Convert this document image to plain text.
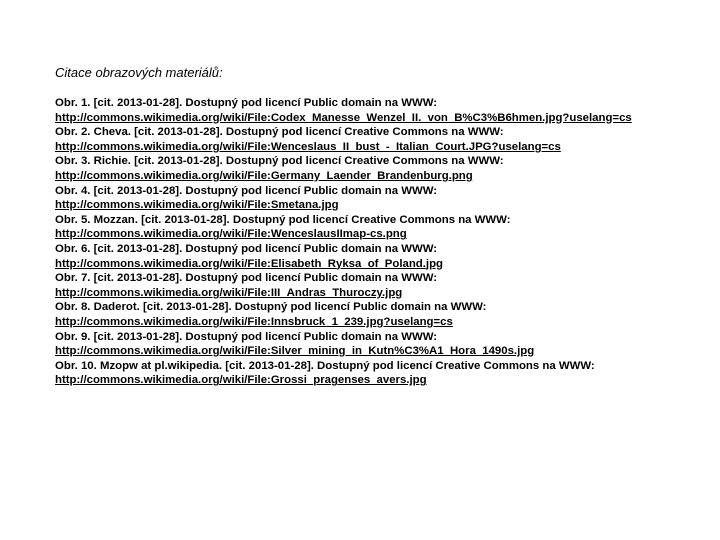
Citace obrazových materiálů:
Obr. 1. [cit. 2013-01-28]. Dostupný pod licencí Public domain na WWW:
http://commons.wikimedia.org/wiki/File:Codex_Manesse_Wenzel_II._von_B%C3%B6hmen.jpg?uselang=cs
Obr. 2. Cheva. [cit. 2013-01-28]. Dostupný pod licencí Creative Commons na WWW:
http://commons.wikimedia.org/wiki/File:Wenceslaus_II_bust_-_Italian_Court.JPG?uselang=cs
Obr. 3. Richie. [cit. 2013-01-28]. Dostupný pod licencí Creative Commons na WWW:
http://commons.wikimedia.org/wiki/File:Germany_Laender_Brandenburg.png
Obr. 4. [cit. 2013-01-28]. Dostupný pod licencí Public domain na WWW:
http://commons.wikimedia.org/wiki/File:Smetana.jpg
Obr. 5. Mozzan. [cit. 2013-01-28]. Dostupný pod licencí Creative Commons na WWW:
http://commons.wikimedia.org/wiki/File:WenceslausIImap-cs.png
Obr. 6. [cit. 2013-01-28]. Dostupný pod licencí Public domain na WWW:
http://commons.wikimedia.org/wiki/File:Elisabeth_Ryksa_of_Poland.jpg
Obr. 7. [cit. 2013-01-28]. Dostupný pod licencí Public domain na WWW:
http://commons.wikimedia.org/wiki/File:III_Andras_Thuroczy.jpg
Obr. 8. Daderot. [cit. 2013-01-28]. Dostupný pod licencí Public domain na WWW:
http://commons.wikimedia.org/wiki/File:Innsbruck_1_239.jpg?uselang=cs
Obr. 9. [cit. 2013-01-28]. Dostupný pod licencí Public domain na WWW:
http://commons.wikimedia.org/wiki/File:Silver_mining_in_Kutn%C3%A1_Hora_1490s.jpg
Obr. 10. Mzopw at pl.wikipedia. [cit. 2013-01-28]. Dostupný pod licencí Creative Commons na WWW:
http://commons.wikimedia.org/wiki/File:Grossi_pragenses_avers.jpg
